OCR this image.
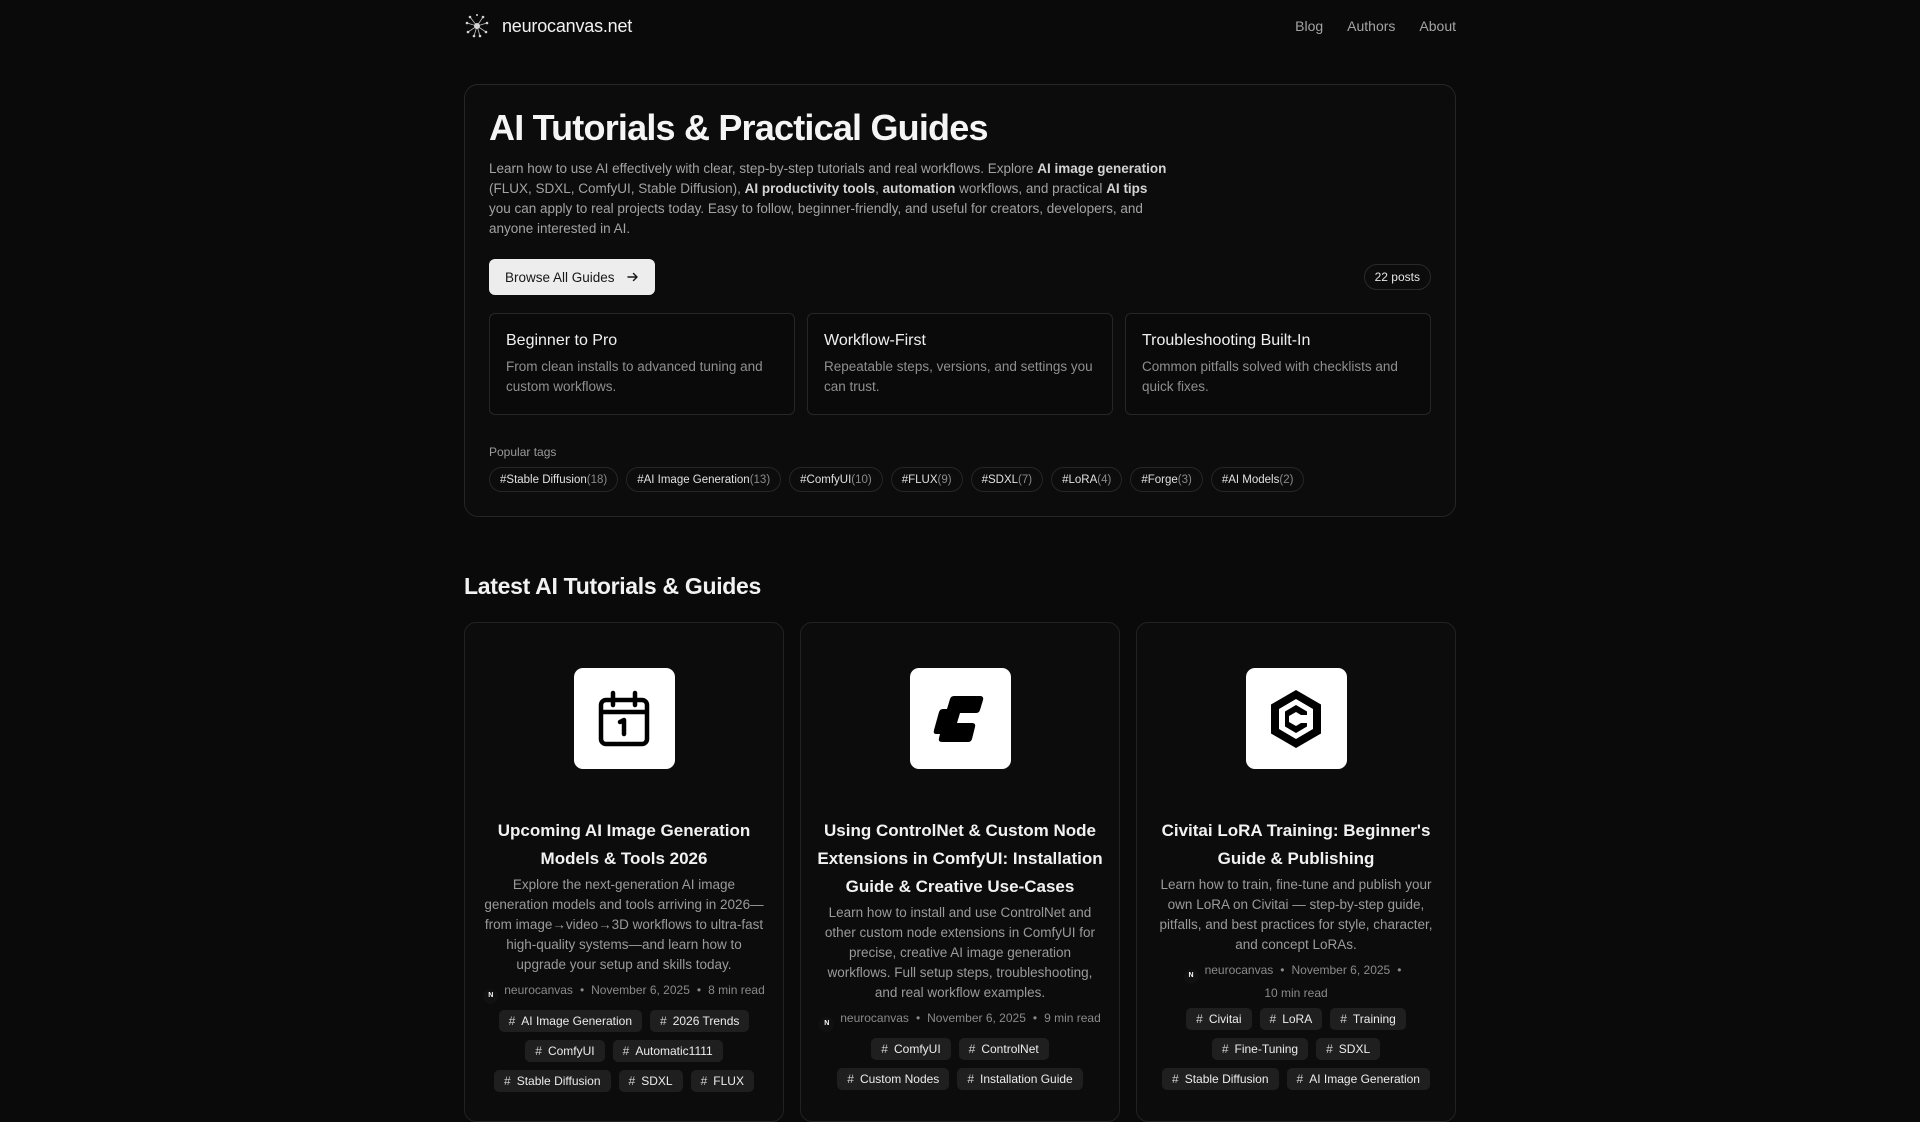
neurocanvas.net	Blog Authors About
AI Tutorials & Practical Guides

Learn how to use AI effectively with clear, step-by-step tutorials and real workflows. Explore AI image generation (FLUX, SDXL, ComfyUI, Stable Diffusion), AI productivity tools, automation workflows, and practical AI tips you can apply to real projects today. Easy to follow, beginner-friendly, and useful for creators, developers, and anyone interested in AI.

Browse All Guides	22 posts
Beginner to Pro
From clean installs to advanced tuning and custom workflows.
Workflow-First
Repeatable steps, versions, and settings you can trust.
Troubleshooting Built-In
Common pitfalls solved with checklists and quick fixes.
Popular tags
#Stable Diffusion (18)	#AI Image Generation (13)	#ComfyUI (10)	#FLUX (9)	#SDXL (7)	#LoRA (4)	#Forge (3)	#AI Models (2)
Latest AI Tutorials & Guides
Upcoming AI Image Generation Models & Tools 2026

Explore the next-generation AI image generation models and tools arriving in 2026—from image→video→3D workflows to ultra-fast high-quality systems—and learn how to upgrade your setup and skills today.

N neurocanvas • November 6, 2025 • 8 min read
# AI Image Generation # 2026 Trends
# ComfyUI # Automatic1111
# Stable Diffusion # SDXL # FLUX
Using ControlNet & Custom Node Extensions in ComfyUI: Installation Guide & Creative Use-Cases

Learn how to install and use ControlNet and other custom node extensions in ComfyUI for precise, creative AI image generation workflows. Full setup steps, troubleshooting, and real workflow examples.

N neurocanvas • November 6, 2025 • 9 min read
# ComfyUI # ControlNet
# Custom Nodes # Installation Guide
Civitai LoRA Training: Beginner's Guide & Publishing

Learn how to train, fine-tune and publish your own LoRA on Civitai — step-by-step guide, pitfalls, and best practices for style, character, and concept LoRAs.

N neurocanvas • November 6, 2025 •
10 min read
# Civitai # LoRA # Training
# Fine-Tuning # SDXL
# Stable Diffusion # AI Image Generation
